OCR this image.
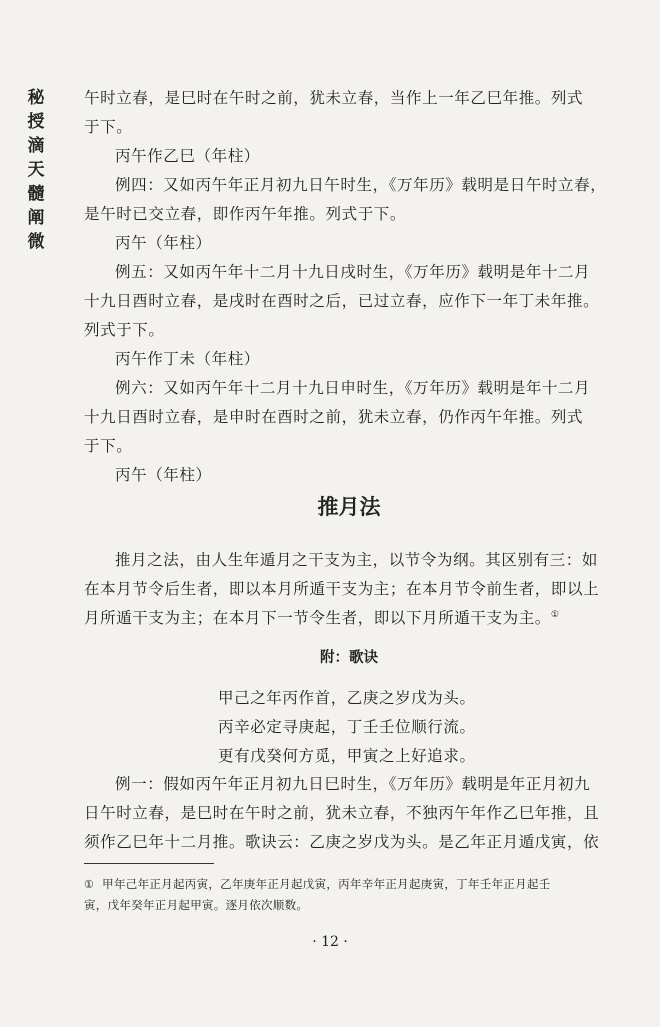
秘
授
滴
天
髓
阐
微
午时立春，是巳时在午时之前，犹未立春，当作上一年乙巳年推。列式
于下。
丙午作乙巳（年柱）
例四：又如丙午年正月初九日午时生，《万年历》载明是日午时立春，
是午时已交立春，即作丙午年推。列式于下。
丙午（年柱）
例五：又如丙午年十二月十九日戌时生，《万年历》载明是年十二月
十九日酉时立春，是戌时在酉时之后，已过立春，应作下一年丁未年推。
列式于下。
丙午作丁未（年柱）
例六：又如丙午年十二月十九日申时生，《万年历》载明是年十二月
十九日酉时立春，是申时在酉时之前，犹未立春，仍作丙午年推。列式
于下。
丙午（年柱）
推月法
推月之法，由人生年遁月之干支为主，以节令为纲。其区别有三：如
在本月节令后生者，即以本月所遁干支为主；在本月节令前生者，即以上
月所遁干支为主；在本月下一节令生者，即以下月所遁干支为主。①
附：歌诀
甲己之年丙作首，乙庚之岁戊为头。
丙辛必定寻庚起，丁壬壬位顺行流。
更有戊癸何方觅，甲寅之上好追求。
例一：假如丙午年正月初九日巳时生，《万年历》载明是年正月初九
日午时立春，是巳时在午时之前，犹未立春，不独丙午年作乙巳年推，且
须作乙巳年十二月推。歌诀云：乙庚之岁戊为头。是乙年正月遁戊寅，依
① 甲年己年正月起丙寅，乙年庚年正月起戊寅，丙年辛年正月起庚寅，丁年壬年正月起壬
寅，戊年癸年正月起甲寅。逐月依次顺数。
· 12 ·
